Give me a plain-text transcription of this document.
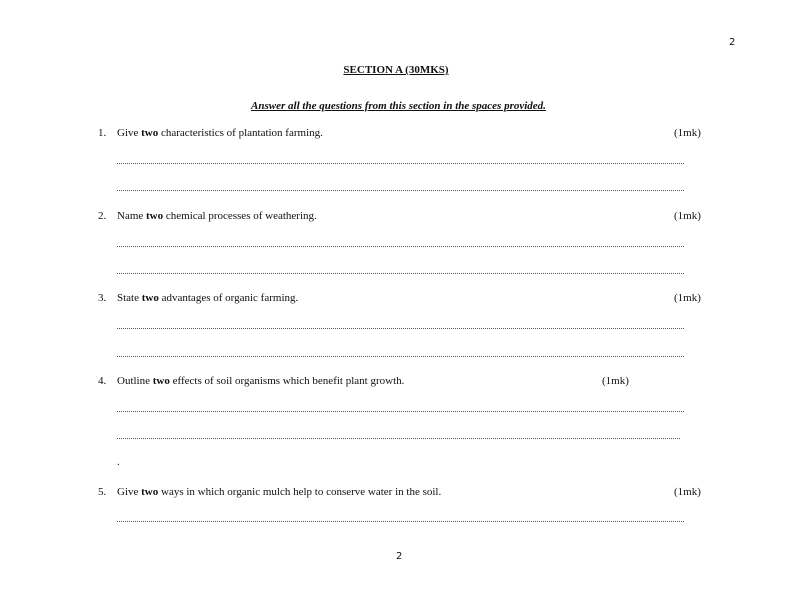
2
SECTION A (30MKS)
Answer all the questions from this section in the spaces provided.
1. Give two characteristics of plantation farming.	(1mk)
2. Name two chemical processes of weathering.	(1mk)
3. State two advantages of organic farming.	(1mk)
4. Outline two effects of soil organisms which benefit plant growth.	(1mk)
.
5. Give two ways in which organic mulch help to conserve water in the soil.	(1mk)
2
